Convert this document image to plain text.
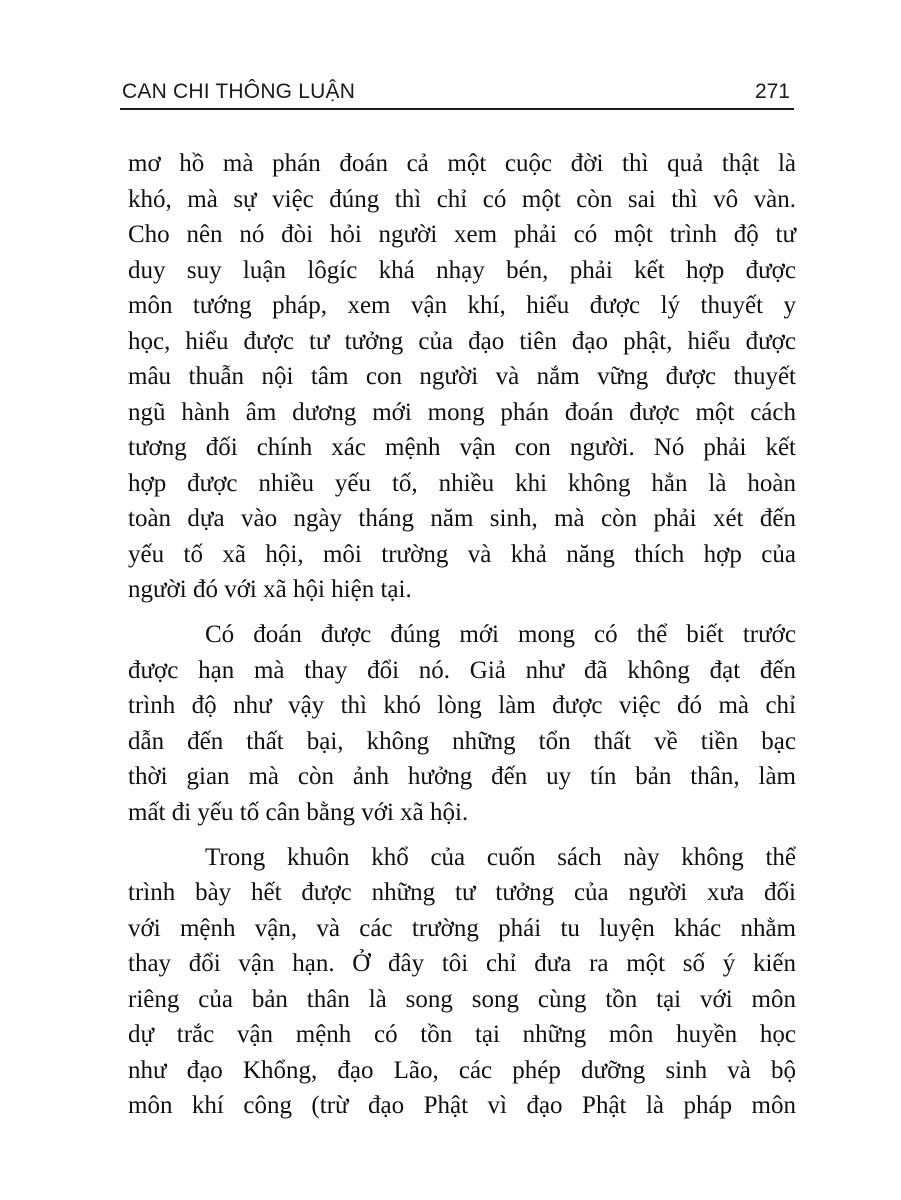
CAN CHI THÔNG LUẬN	271
mơ hồ mà phán đoán cả một cuộc đời thì quả thật là
khó, mà sự việc đúng thì chỉ có một còn sai thì vô vàn.
Cho nên nó đòi hỏi người xem phải có một trình độ tư
duy suy luận lôgíc khá nhạy bén, phải kết hợp được
môn tướng pháp, xem vận khí, hiểu được lý thuyết y
học, hiểu được tư tưởng của đạo tiên đạo phật, hiểu được
mâu thuẫn nội tâm con người và nắm vững được thuyết
ngũ hành âm dương mới mong phán đoán được một cách
tương đối chính xác mệnh vận con người. Nó phải kết
hợp được nhiều yếu tố, nhiều khi không hẳn là hoàn
toàn dựa vào ngày tháng năm sinh, mà còn phải xét đến
yếu tố xã hội, môi trường và khả năng thích hợp của
người đó với xã hội hiện tại.
Có đoán được đúng mới mong có thể biết trước
được hạn mà thay đổi nó. Giả như đã không đạt đến
trình độ như vậy thì khó lòng làm được việc đó mà chỉ
dẫn đến thất bại, không những tổn thất về tiền bạc
thời gian mà còn ảnh hưởng đến uy tín bản thân, làm
mất đi yếu tố cân bằng với xã hội.
Trong khuôn khổ của cuốn sách này không thể
trình bày hết được những tư tưởng của người xưa đối
với mệnh vận, và các trường phái tu luyện khác nhằm
thay đổi vận hạn. Ở đây tôi chỉ đưa ra một số ý kiến
riêng của bản thân là song song cùng tồn tại với môn
dự trắc vận mệnh có tồn tại những môn huyền học
như đạo Khổng, đạo Lão, các phép dưỡng sinh và bộ
môn khí công (trừ đạo Phật vì đạo Phật là pháp môn
